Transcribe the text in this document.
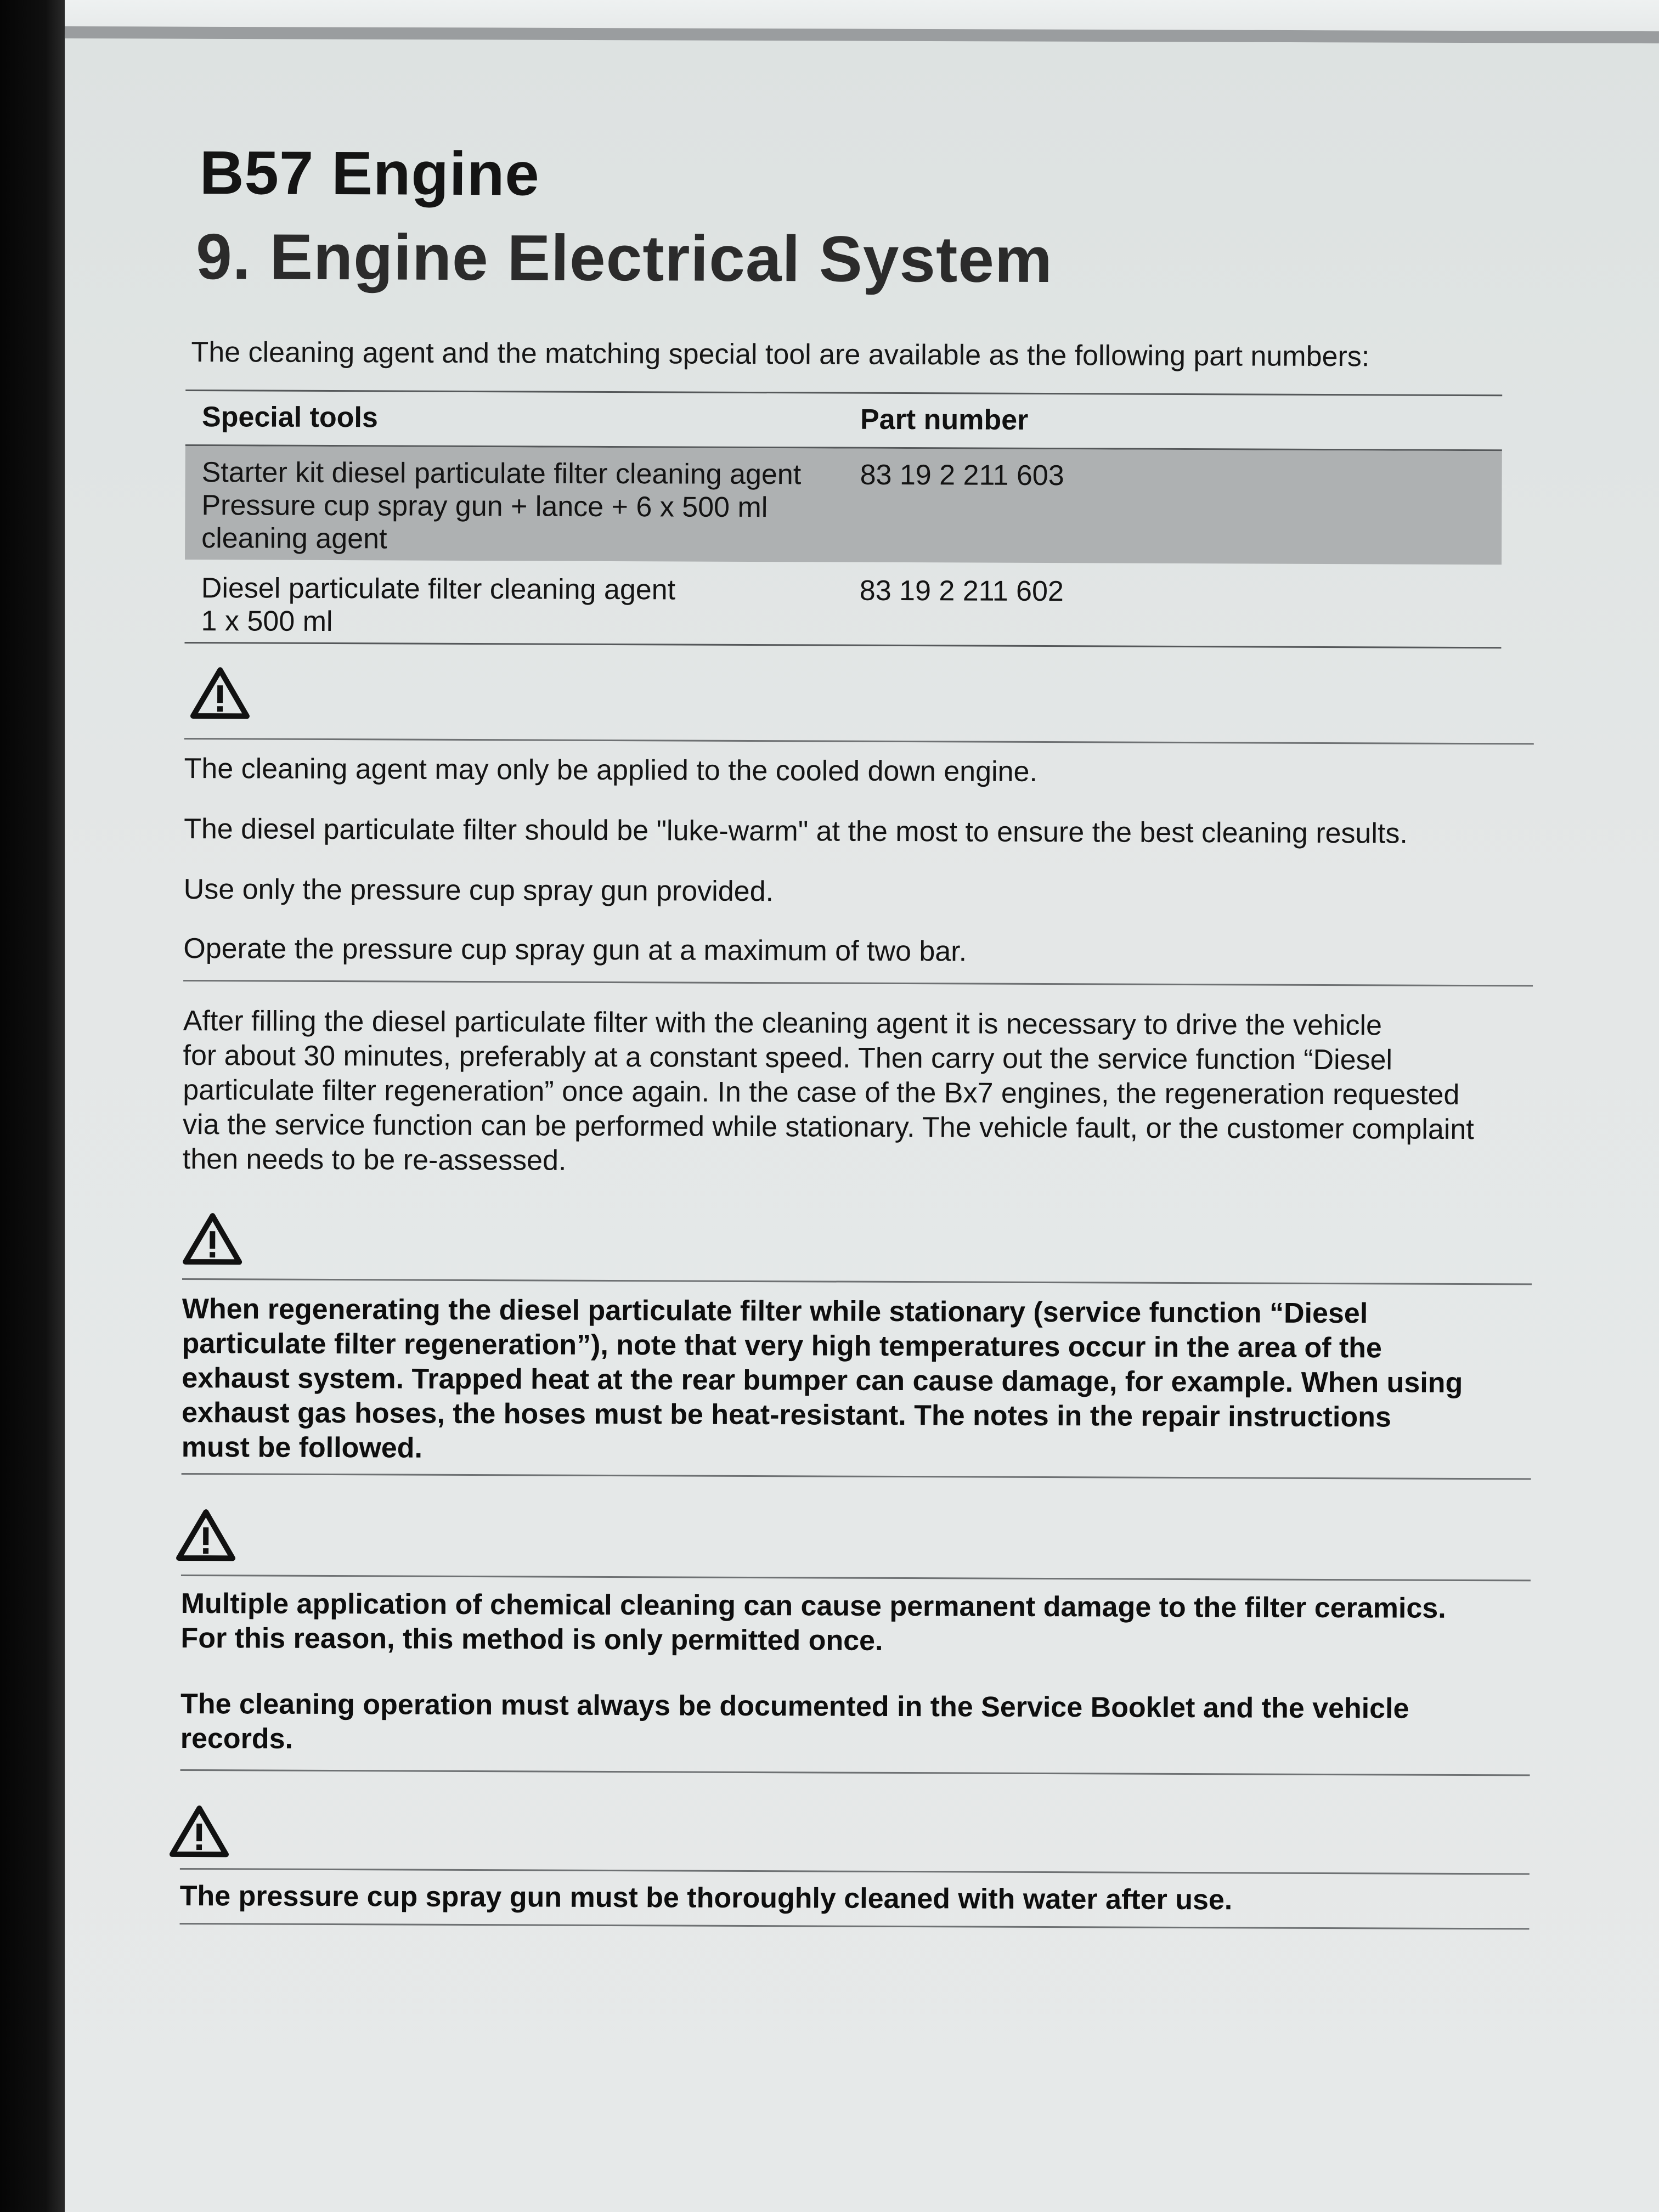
B57 Engine
9. Engine Electrical System

The cleaning agent and the matching special tool are available as the following part numbers:

Special tools	Part number
Starter kit diesel particulate filter cleaning agent
Pressure cup spray gun + lance + 6 x 500 ml
cleaning agent
83 19 2 211 603
Diesel particulate filter cleaning agent
1 x 500 ml
83 19 2 211 602

The cleaning agent may only be applied to the cooled down engine.

The diesel particulate filter should be "luke-warm" at the most to ensure the best cleaning results.

Use only the pressure cup spray gun provided.

Operate the pressure cup spray gun at a maximum of two bar.

After filling the diesel particulate filter with the cleaning agent it is necessary to drive the vehicle
for about 30 minutes, preferably at a constant speed. Then carry out the service function “Diesel
particulate filter regeneration” once again. In the case of the Bx7 engines, the regeneration requested
via the service function can be performed while stationary. The vehicle fault, or the customer complaint
then needs to be re-assessed.
When regenerating the diesel particulate filter while stationary (service function “Diesel
particulate filter regeneration”), note that very high temperatures occur in the area of the
exhaust system. Trapped heat at the rear bumper can cause damage, for example. When using
exhaust gas hoses, the hoses must be heat-resistant. The notes in the repair instructions
must be followed.
Multiple application of chemical cleaning can cause permanent damage to the filter ceramics.
For this reason, this method is only permitted once.
The cleaning operation must always be documented in the Service Booklet and the vehicle
records.

The pressure cup spray gun must be thoroughly cleaned with water after use.
